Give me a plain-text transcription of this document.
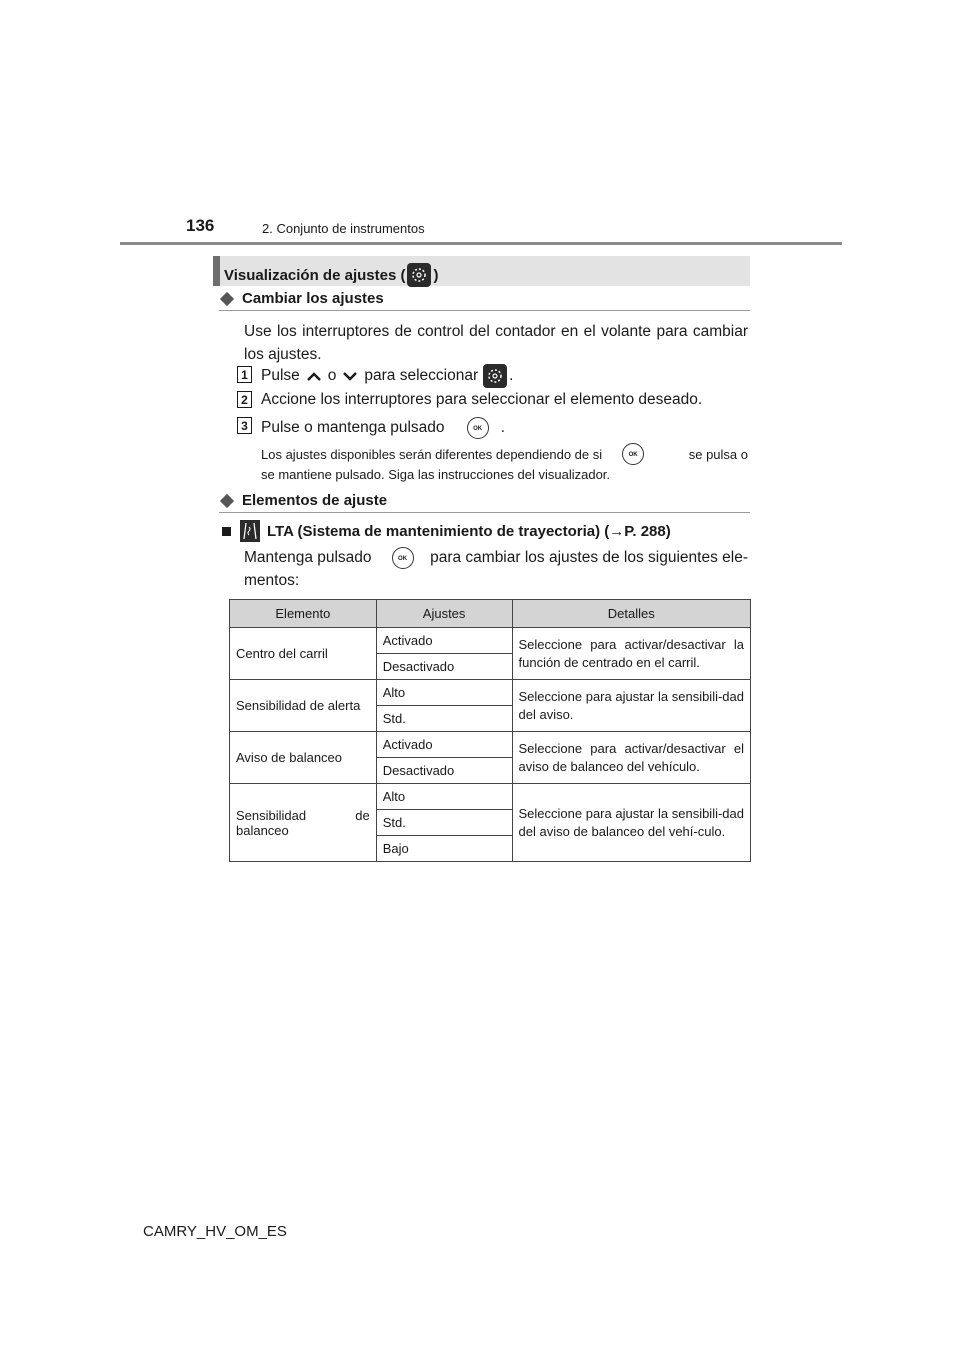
136	2. Conjunto de instrumentos
Visualización de ajustes ( )
Cambiar los ajustes
Use los interruptores de control del contador en el volante para cambiar los ajustes.
1 Pulse o para seleccionar .
2 Accione los interruptores para seleccionar el elemento deseado.
3 Pulse o mantenga pulsado	OK	.
Los ajustes disponibles serán diferentes dependiendo de si	OK	se pulsa o
se mantiene pulsado. Siga las instrucciones del visualizador.
Elementos de ajuste
LTA (Sistema de mantenimiento de trayectoria) ( → P. 288)
Mantenga pulsado	OK	para cambiar los ajustes de los siguientes ele-
mentos:
Elemento	Ajustes	Detalles
Centro del carril	Activado	Seleccione para activar/desactivar la función de centrado en el carril.
	Desactivado	
Sensibilidad de alerta	Alto	Seleccione para ajustar la sensibili-dad del aviso.
	Std.	
Aviso de balanceo	Activado	Seleccione para activar/desactivar el aviso de balanceo del vehículo.
	Desactivado	
Sensibilidad de balanceo	Alto	Seleccione para ajustar la sensibili-dad del aviso de balanceo del vehí-culo.
	Std.	
	Bajo	
CAMRY_HV_OM_ES
